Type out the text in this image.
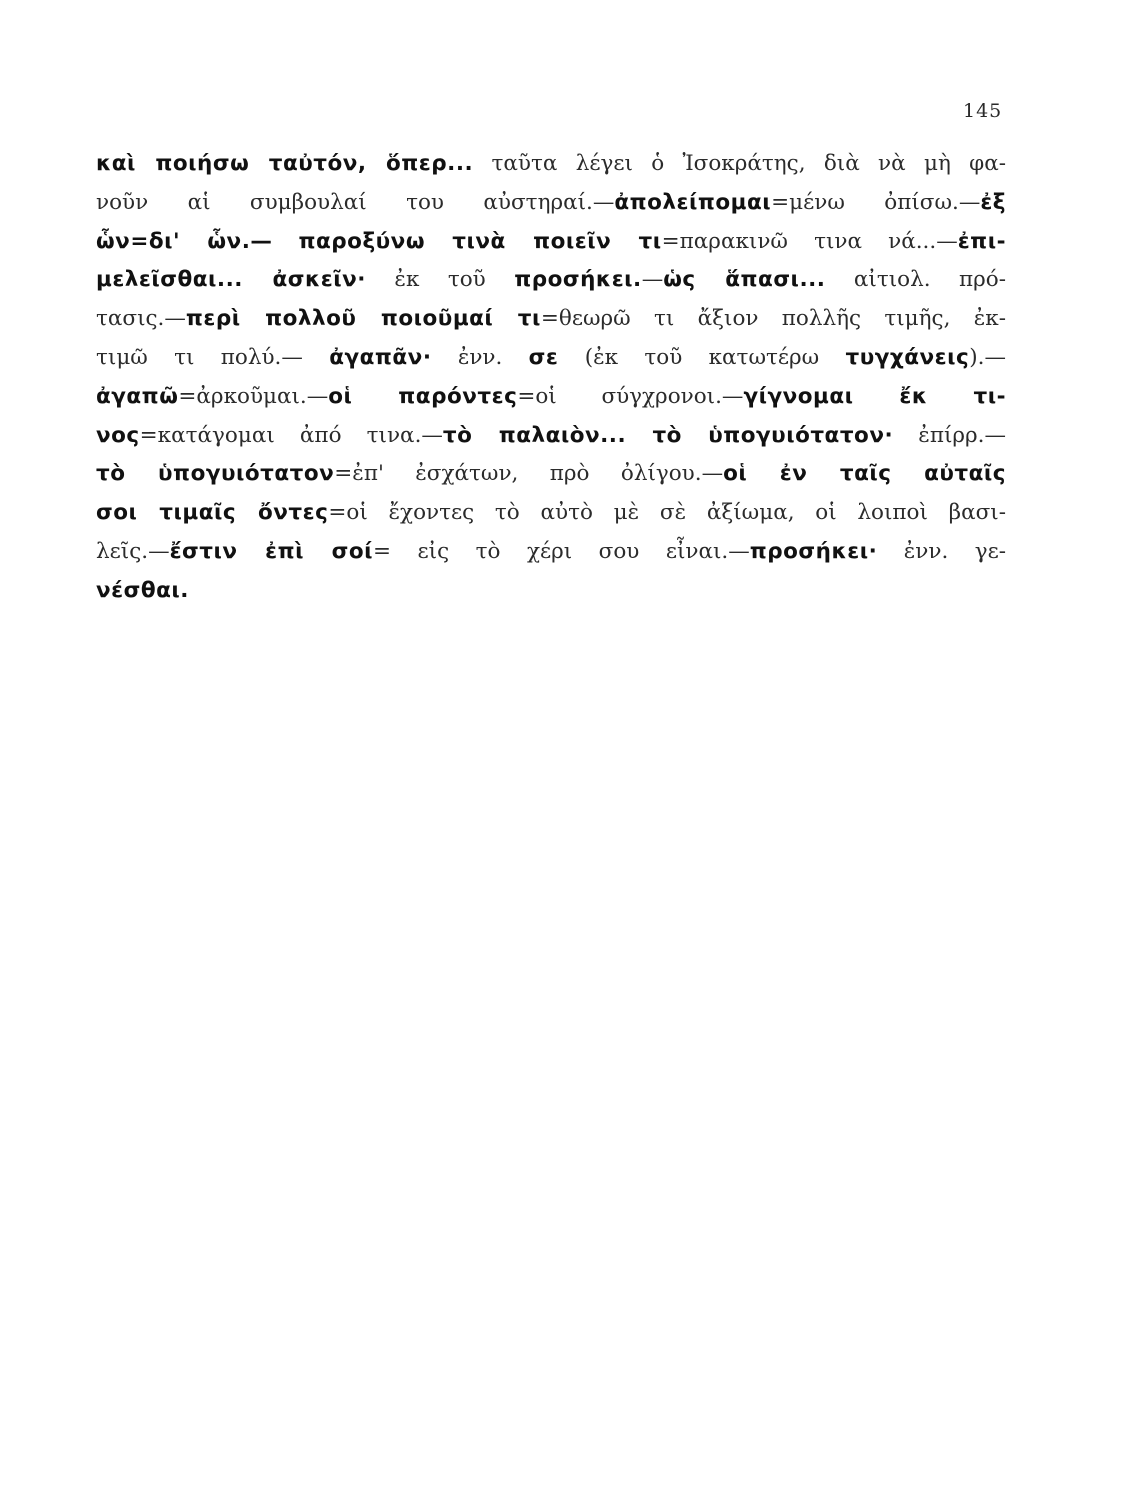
145
καὶ ποιήσω ταὐτόν, ὅπερ... ταῦτα λέγει ὁ Ἰσοκράτης, διὰ νὰ μὴ φα-
νοῦν αἱ συμβουλαί του αὐστηραί.—ἀπολείπομαι=μένω ὀπίσω.—ἐξ
ὧν=δι' ὧν.— παροξύνω τινὰ ποιεῖν τι=παρακινῶ τινα νά...—ἐπι-
μελεῖσθαι... ἀσκεῖν· ἐκ τοῦ προσήκει.—ὡς ἅπασι... αἰτιολ. πρό-
τασις.—περὶ πολλοῦ ποιοῦμαί τι=θεωρῶ τι ἄξιον πολλῆς τιμῆς, ἐκ-
τιμῶ τι πολύ.— ἀγαπᾶν· ἐνν. σε (ἐκ τοῦ κατωτέρω τυγχάνεις).—
ἀγαπῶ=ἀρκοῦμαι.—οἱ παρόντες=οἱ σύγχρονοι.—γίγνομαι ἔκ τι-
νος=κατάγομαι ἀπό τινα.—τὸ παλαιὸν... τὸ ὑπογυιότατον· ἐπίρρ.—
τὸ ὑπογυιότατον=ἐπ' ἐσχάτων, πρὸ ὀλίγου.—οἱ ἐν ταῖς αὐταῖς
σοι τιμαῖς ὄντες=οἱ ἔχοντες τὸ αὐτὸ μὲ σὲ ἀξίωμα, οἱ λοιποὶ βασι-
λεῖς.—ἔστιν ἐπὶ σοί= εἰς τὸ χέρι σου εἶναι.—προσήκει· ἐνν. γε-
νέσθαι.
